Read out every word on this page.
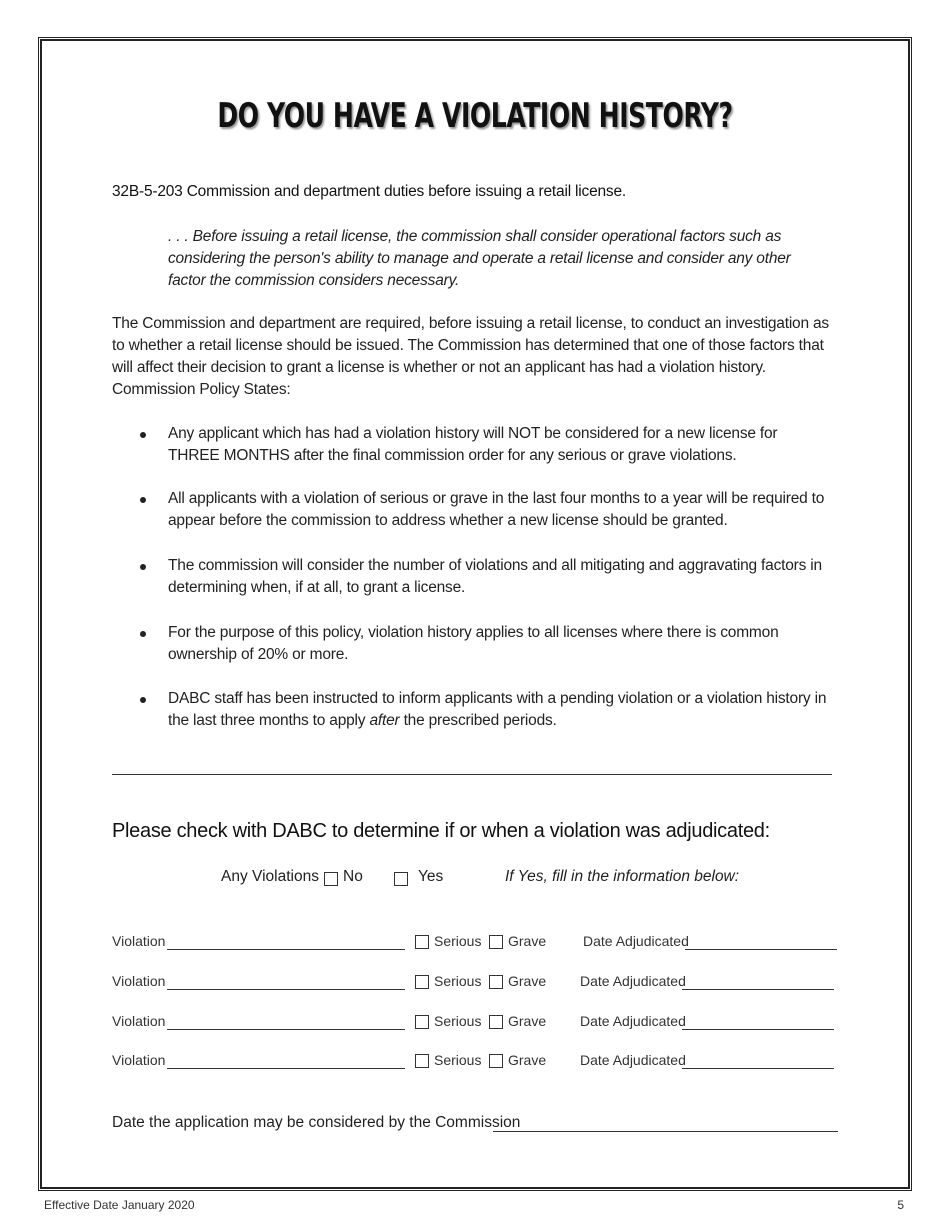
DO YOU HAVE A VIOLATION HISTORY?
32B-5-203 Commission and department duties before issuing a retail license.
. . . Before issuing a retail license, the commission shall consider operational factors such as considering the person's ability to manage and operate a retail license and consider any other factor the commission considers necessary.
The Commission and department are required, before issuing a retail license, to conduct an investigation as to whether a retail license should be issued. The Commission has determined that one of those factors that will affect their decision to grant a license is whether or not an applicant has had a violation history. Commission Policy States:
Any applicant which has had a violation history will NOT be considered for a new license for THREE MONTHS after the final commission order for any serious or grave violations.
All applicants with a violation of serious or grave in the last four months to a year will be required to appear before the commission to address whether a new license should be granted.
The commission will consider the number of violations and all mitigating and aggravating factors in determining when, if at all, to grant a license.
For the purpose of this policy, violation history applies to all licenses where there is common ownership of 20% or more.
DABC staff has been instructed to inform applicants with a pending violation or a violation history in the last three months to apply after the prescribed periods.
Please check with DABC to determine if or when a violation was adjudicated:
Any Violations No	Yes	If Yes, fill in the information below:
Violation	Serious Grave	Date Adjudicated
Violation	Serious Grave Date Adjudicated
Violation	Serious Grave Date Adjudicated
Violation	Serious Grave Date Adjudicated
Date the application may be considered by the Commission
Effective Date January 2020	5
